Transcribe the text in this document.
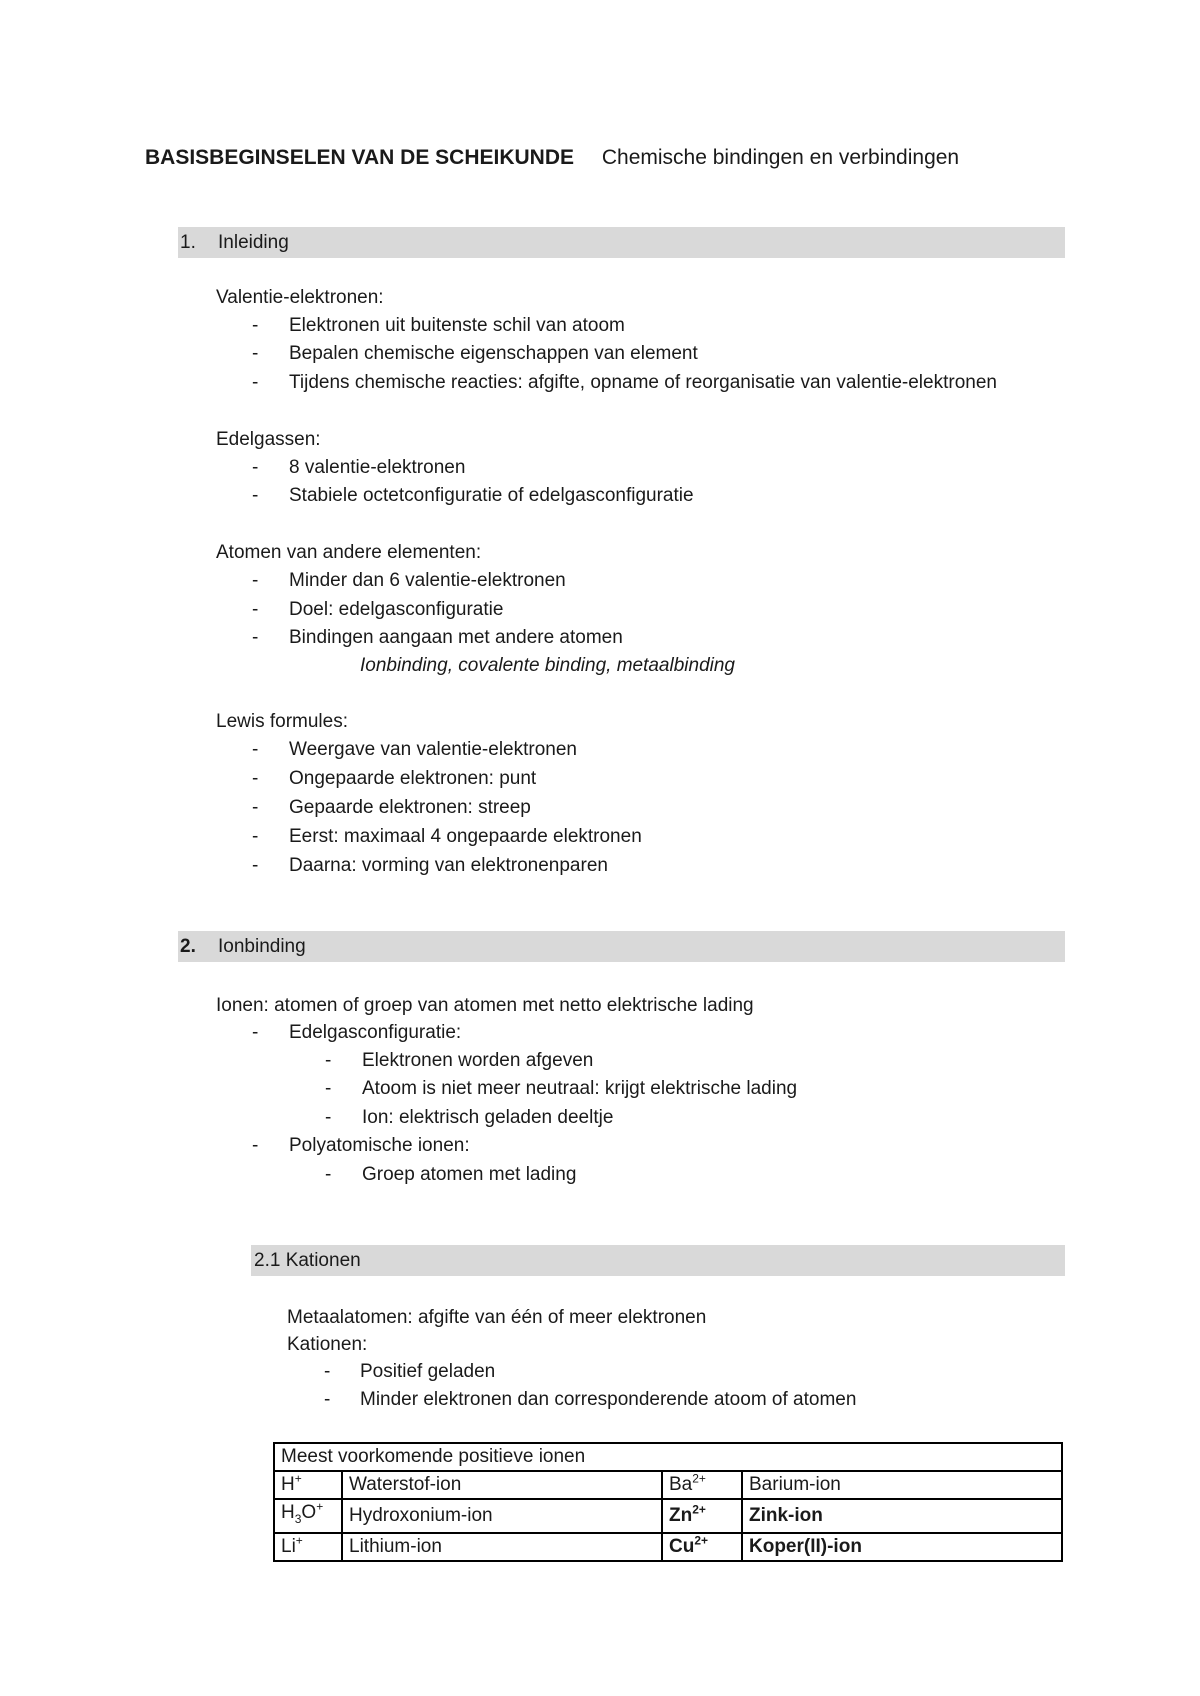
BASISBEGINSELEN VAN DE SCHEIKUNDE Chemische bindingen en verbindingen
1. Inleiding
Valentie-elektronen:
- Elektronen uit buitenste schil van atoom
- Bepalen chemische eigenschappen van element
- Tijdens chemische reacties: afgifte, opname of reorganisatie van valentie-elektronen
Edelgassen:
- 8 valentie-elektronen
- Stabiele octetconfiguratie of edelgasconfiguratie
Atomen van andere elementen:
- Minder dan 6 valentie-elektronen
- Doel: edelgasconfiguratie
- Bindingen aangaan met andere atomen
Ionbinding, covalente binding, metaalbinding
Lewis formules:
- Weergave van valentie-elektronen
- Ongepaarde elektronen: punt
- Gepaarde elektronen: streep
- Eerst: maximaal 4 ongepaarde elektronen
- Daarna: vorming van elektronenparen
2. Ionbinding
Ionen: atomen of groep van atomen met netto elektrische lading
- Edelgasconfiguratie:
- Elektronen worden afgeven
- Atoom is niet meer neutraal: krijgt elektrische lading
- Ion: elektrisch geladen deeltje
- Polyatomische ionen:
- Groep atomen met lading
2.1 Kationen
Metaalatomen: afgifte van één of meer elektronen
Kationen:
- Positief geladen
- Minder elektronen dan corresponderende atoom of atomen
Meest voorkomende positieve ionen			
H+	Waterstof-ion	$Ba^{2+}$	Barium-ion
$H_3O^+$	Hydroxonium-ion	$Zn^{2+}$	Zink-ion
Li+	Lithium-ion	$Cu^{2+}$	Koper(II)-ion
